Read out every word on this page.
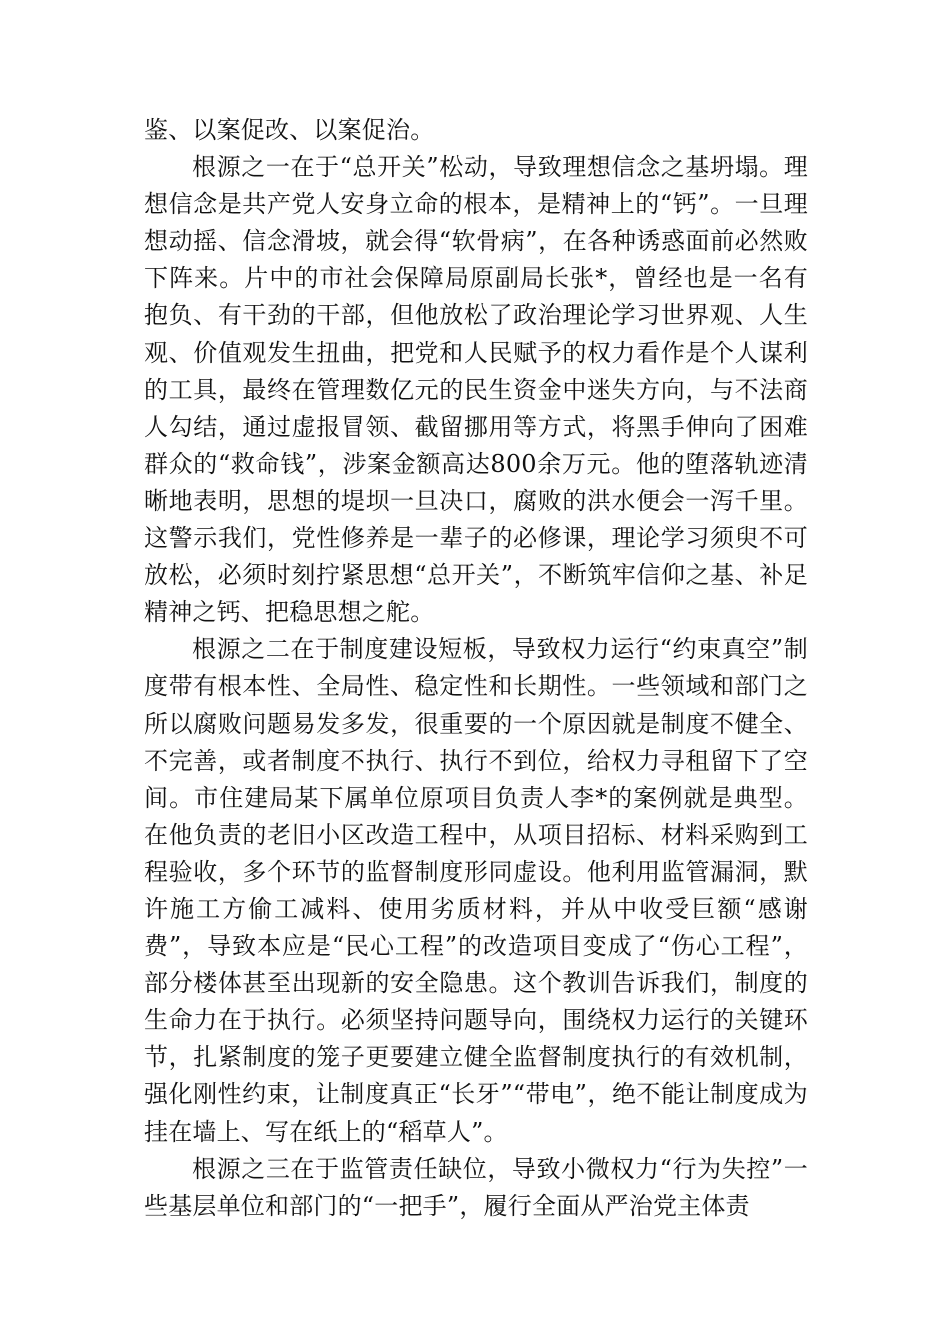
鉴、以案促改、以案促治。

根源之一在于“总开关”松动，导致理想信念之基坍塌。理想信念是共产党人安身立命的根本，是精神上的“钙”。一旦理想动摇、信念滑坡，就会得“软骨病”，在各种诱惑面前必然败下阵来。片中的市社会保障局原副局长张*，曾经也是一名有抱负、有干劲的干部，但他放松了政治理论学习世界观、人生观、价值观发生扭曲，把党和人民赋予的权力看作是个人谋利的工具，最终在管理数亿元的民生资金中迷失方向，与不法商人勾结，通过虚报冒领、截留挪用等方式，将黑手伸向了困难群众的“救命钱”，涉案金额高达800余万元。他的堕落轨迹清晰地表明，思想的堤坝一旦决口，腐败的洪水便会一泻千里。这警示我们，党性修养是一辈子的必修课，理论学习须臾不可放松，必须时刻拧紧思想“总开关”，不断筑牢信仰之基、补足精神之钙、把稳思想之舵。

根源之二在于制度建设短板，导致权力运行“约束真空”制度带有根本性、全局性、稳定性和长期性。一些领域和部门之所以腐败问题易发多发，很重要的一个原因就是制度不健全、不完善，或者制度不执行、执行不到位，给权力寻租留下了空间。市住建局某下属单位原项目负责人李*的案例就是典型。在他负责的老旧小区改造工程中，从项目招标、材料采购到工程验收，多个环节的监督制度形同虚设。他利用监管漏洞，默许施工方偷工减料、使用劣质材料，并从中收受巨额“感谢费”，导致本应是“民心工程”的改造项目变成了“伤心工程”，部分楼体甚至出现新的安全隐患。这个教训告诉我们，制度的生命力在于执行。必须坚持问题导向，围绕权力运行的关键环节，扎紧制度的笼子更要建立健全监督制度执行的有效机制，强化刚性约束，让制度真正“长牙”“带电”，绝不能让制度成为挂在墙上、写在纸上的“稻草人”。

根源之三在于监管责任缺位，导致小微权力“行为失控”一些基层单位和部门的“一把手”，履行全面从严治党主体责
